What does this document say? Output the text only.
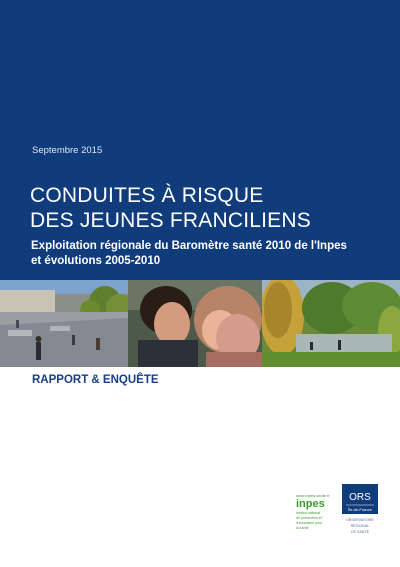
Septembre 2015
CONDUITES À RISQUE
DES JEUNES FRANCILIENS
Exploitation régionale du Baromètre santé 2010 de l'Inpes
et évolutions 2005-2010
RAPPORT & ENQUÊTE
www.inpes.sante.fr
inpes
Institut national
de prévention et
d'éducation pour
la santé
ORS
Île-de-France
OBSERVATOIRE
RÉGIONAL
DE SANTÉ
